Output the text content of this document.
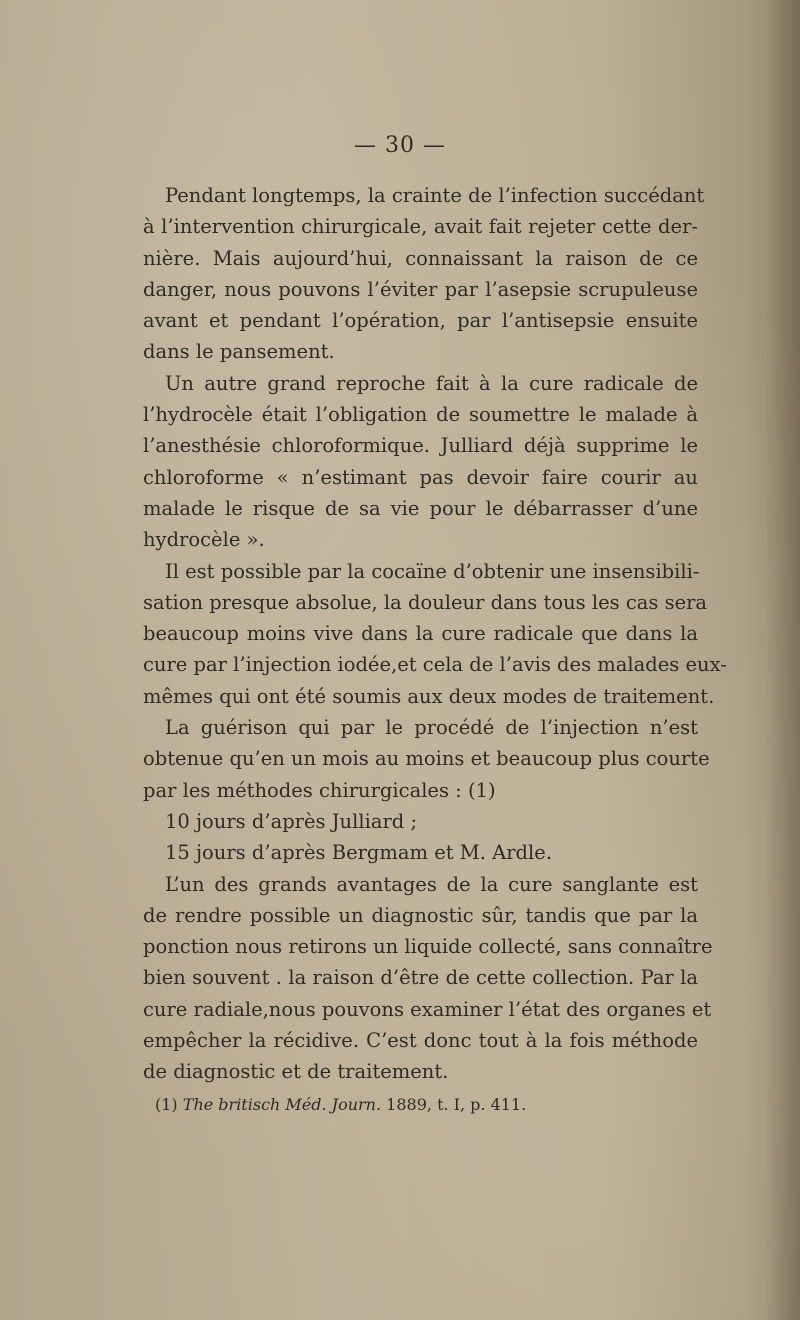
— 30 —
Pendant longtemps, la crainte de l’infection succédant
à l’intervention chirurgicale, avait fait rejeter cette der-
nière. Mais aujourd’hui, connaissant la raison de ce
danger, nous pouvons l’éviter par l’asepsie scrupuleuse
avant et pendant l’opération, par l’antisepsie ensuite
dans le pansement.
Un autre grand reproche fait à la cure radicale de
l’hydrocèle était l’obligation de soumettre le malade à
l’anesthésie chloroformique. Julliard déjà supprime le
chloroforme « n’estimant pas devoir faire courir au
malade le risque de sa vie pour le débarrasser d’une
hydrocèle ».
Il est possible par la cocaïne d’obtenir une insensibili-
sation presque absolue, la douleur dans tous les cas sera
beaucoup moins vive dans la cure radicale que dans la
cure par l’injection iodée,et cela de l’avis des malades eux-
mêmes qui ont été soumis aux deux modes de traitement.
La guérison qui par le procédé de l’injection n’est
obtenue qu’en un mois au moins et beaucoup plus courte
par les méthodes chirurgicales : (1)
10 jours d’après Julliard ;
15 jours d’après Bergmam et M. Ardle.
L’un des grands avantages de la cure sanglante est
de rendre possible un diagnostic sûr, tandis que par la
ponction nous retirons un liquide collecté, sans connaître
bien souvent . la raison d’être de cette collection. Par la
cure radiale,nous pouvons examiner l’état des organes et
empêcher la récidive. C’est donc tout à la fois méthode
de diagnostic et de traitement.
(1) The britisch Méd. Journ. 1889, t. I, p. 411.
